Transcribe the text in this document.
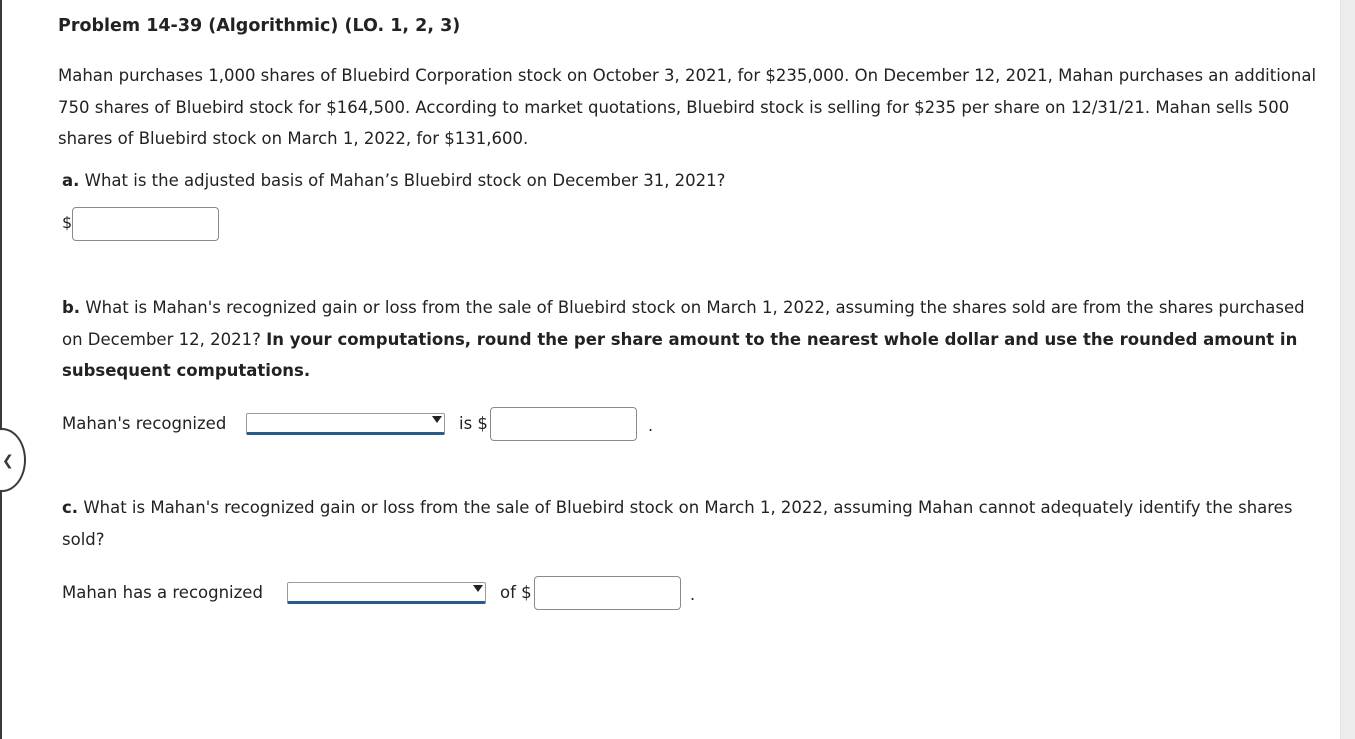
❮
Problem 14-39 (Algorithmic) (LO. 1, 2, 3)

Mahan purchases 1,000 shares of Bluebird Corporation stock on October 3, 2021, for $235,000. On December 12, 2021, Mahan purchases an additional 750 shares of Bluebird stock for $164,500. According to market quotations, Bluebird stock is selling for $235 per share on 12/31/21. Mahan sells 500 shares of Bluebird stock on March 1, 2022, for $131,600.

a. What is the adjusted basis of Mahan’s Bluebird stock on December 31, 2021?

$

b. What is Mahan's recognized gain or loss from the sale of Bluebird stock on March 1, 2022, assuming the shares sold are from the shares purchased on December 12, 2021? In your computations, round the per share amount to the nearest whole dollar and use the rounded amount in subsequent computations.

Mahan's recognized	is $	.

c. What is Mahan's recognized gain or loss from the sale of Bluebird stock on March 1, 2022, assuming Mahan cannot adequately identify the shares sold?

Mahan has a recognized	of $	.
